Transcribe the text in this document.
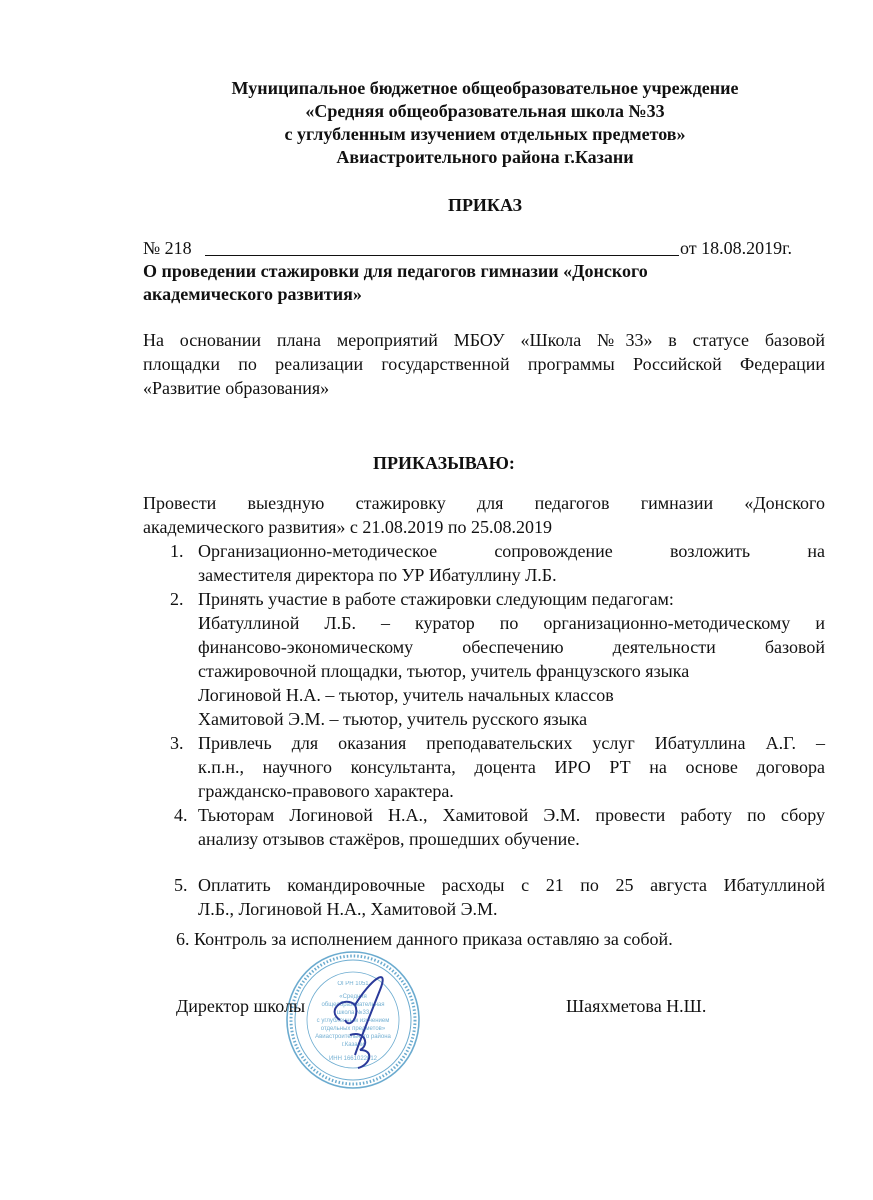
Муниципальное бюджетное общеобразовательное учреждение
«Средняя общеобразовательная школа №33
с углубленным изучением отдельных предметов»
Авиастроительного района г.Казани
ПРИКАЗ
№ 218	от 18.08.2019г.
О проведении стажировки для педагогов гимназии «Донского
академического развития»
На основании плана мероприятий МБОУ «Школа №33» в статусе базовой
площадки по реализации государственной программы Российской Федерации
«Развитие образования»
ПРИКАЗЫВАЮ:
Провести выездную стажировку для педагогов гимназии «Донского
академического развития» с 21.08.2019 по 25.08.2019
1. Организационно-методическое сопровождение возложить на
заместителя директора по УР Ибатуллину Л.Б.
2. Принять участие в работе стажировки следующим педагогам:
Ибатуллиной Л.Б. – куратор по организационно-методическому и
финансово-экономическому обеспечению деятельности базовой
стажировочной площадки, тьютор, учитель французского языка
Логиновой Н.А. – тьютор, учитель начальных классов
Хамитовой Э.М. – тьютор, учитель русского языка
3. Привлечь для оказания преподавательских услуг Ибатуллина А.Г. –
к.п.н., научного консультанта, доцента ИРО РТ на основе договора
гражданско-правового характера.
4. Тьюторам Логиновой Н.А., Хамитовой Э.М. провести работу по сбору
анализу отзывов стажёров, прошедших обучение.
5. Оплатить командировочные расходы с 21 по 25 августа Ибатуллиной
Л.Б., Логиновой Н.А., Хамитовой Э.М.
6. Контроль за исполнением данного приказа оставляю за собой.
ОГРН 1051
«Средняя
общеобразовательная
школа №33
с углубленным изучением
отдельных предметов»
Авиастроительного района
г.Казани
ИНН 1661022012
Директор школы	Шаяхметова Н.Ш.
